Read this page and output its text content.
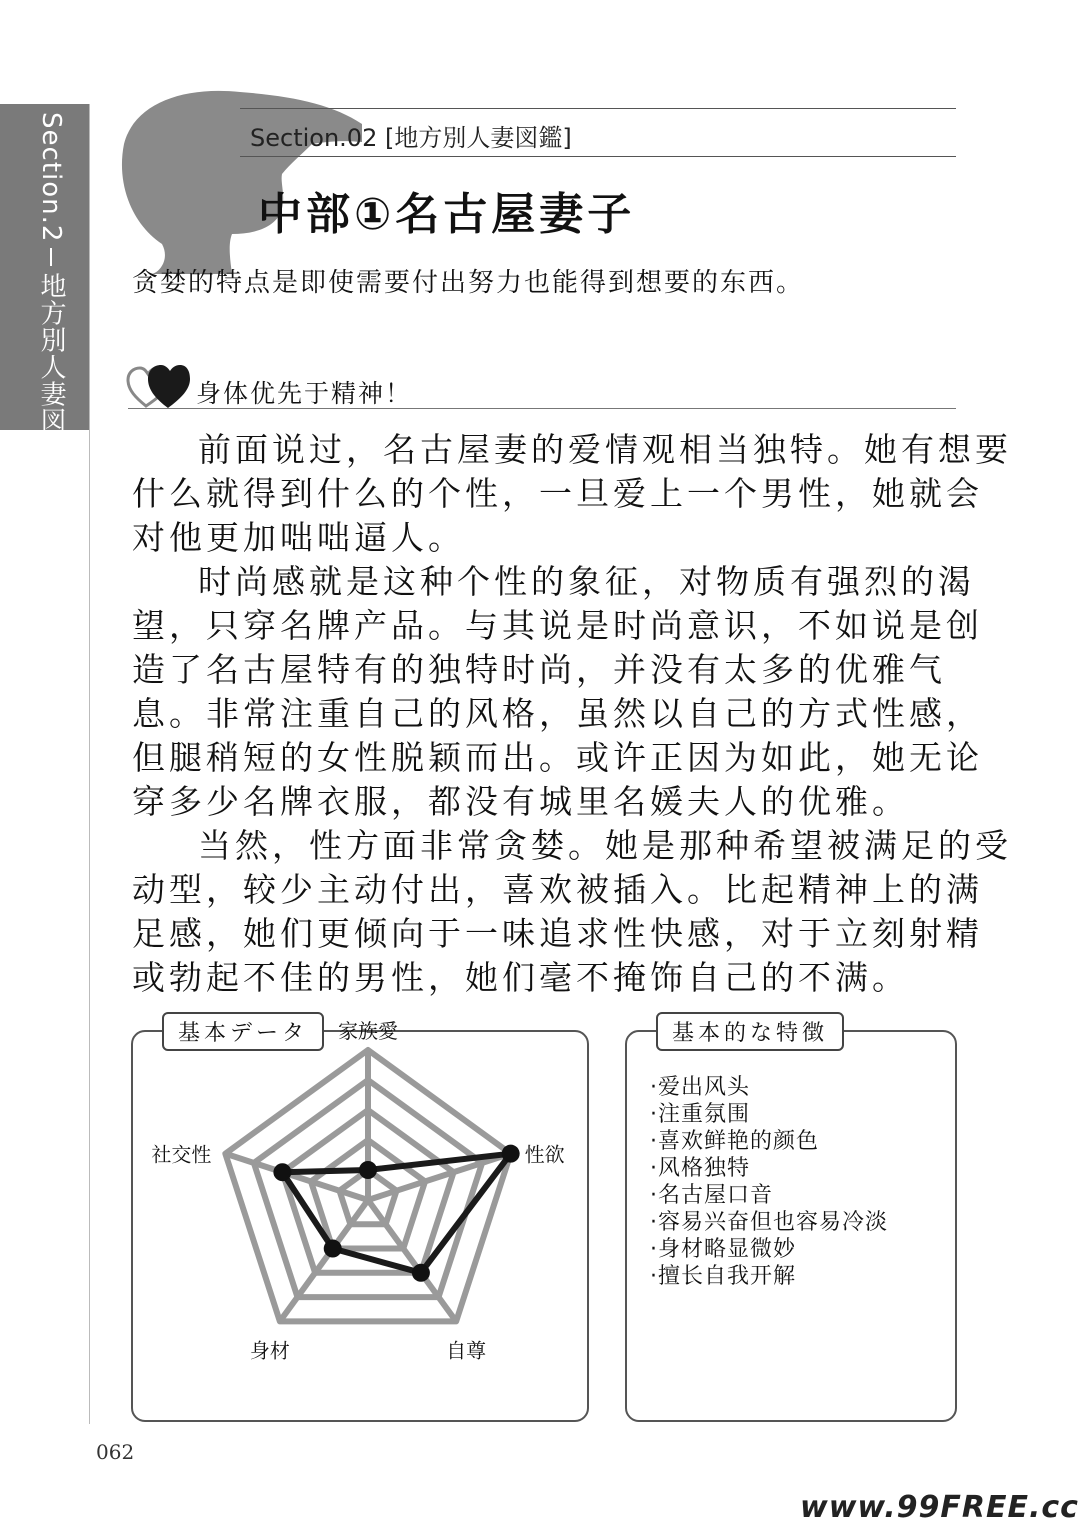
Section.2地方別人妻図鑑
Section.02 [地方別人妻図鑑]
中部①名古屋妻子
贪婪的特点是即使需要付出努力也能得到想要的东西。
身体优先于精神！

前面说过，名古屋妻的爱情观相当独特。她有想要什么就得到什么的个性，一旦爱上一个男性，她就会对他更加咄咄逼人。

时尚感就是这种个性的象征，对物质有强烈的渴望，只穿名牌产品。与其说是时尚意识，不如说是创造了名古屋特有的独特时尚，并没有太多的优雅气息。非常注重自己的风格，虽然以自己的方式性感，但腿稍短的女性脱颖而出。或许正因为如此，她无论穿多少名牌衣服，都没有城里名媛夫人的优雅。

当然，性方面非常贪婪。她是那种希望被满足的受动型，较少主动付出，喜欢被插入。比起精神上的满足感，她们更倾向于一味追求性快感，对于立刻射精或勃起不佳的男性，她们毫不掩饰自己的不满。

基本データ	家族愛
性欲
自尊
身材
社交性
基本的な特徴
·爱出风头
·注重氛围
·喜欢鲜艳的颜色
·风格独特
·名古屋口音
·容易兴奋但也容易冷淡
·身材略显微妙
·擅长自我开解
062
www.99FREE.cc
